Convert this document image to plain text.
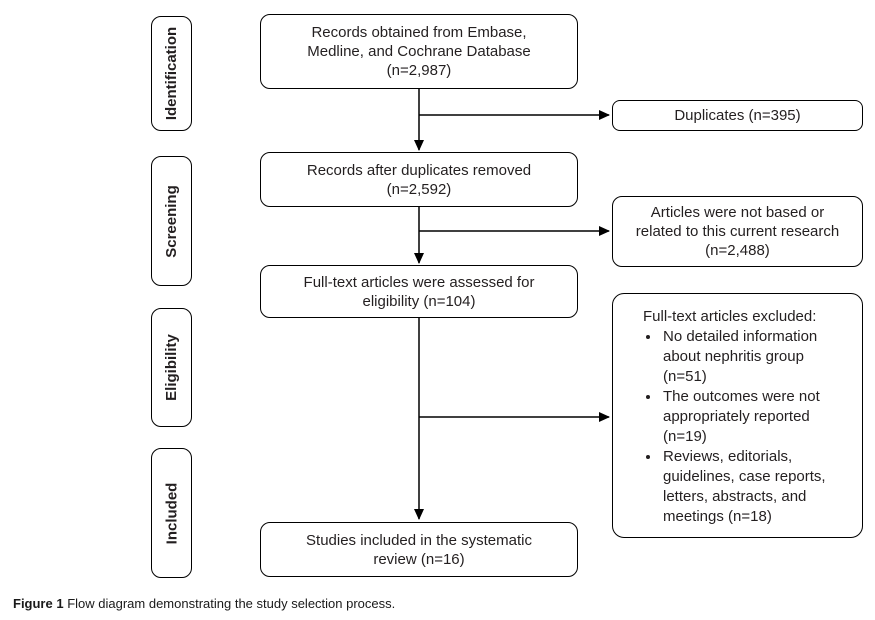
Identification
Screening
Eligibility
Included
Records obtained from Embase, Medline, and Cochrane Database (n=2,987)
Records after duplicates removed (n=2,592)
Full-text articles were assessed for eligibility (n=104)
Studies included in the systematic review (n=16)
Duplicates (n=395)
Articles were not based or related to this current research (n=2,488)

Full-text articles excluded:

• No detailed information about nephritis group (n=51)
• The outcomes were not appropriately reported (n=19)
• Reviews, editorials, guidelines, case reports, letters, abstracts, and meetings (n=18)
Figure 1 Flow diagram demonstrating the study selection process.
